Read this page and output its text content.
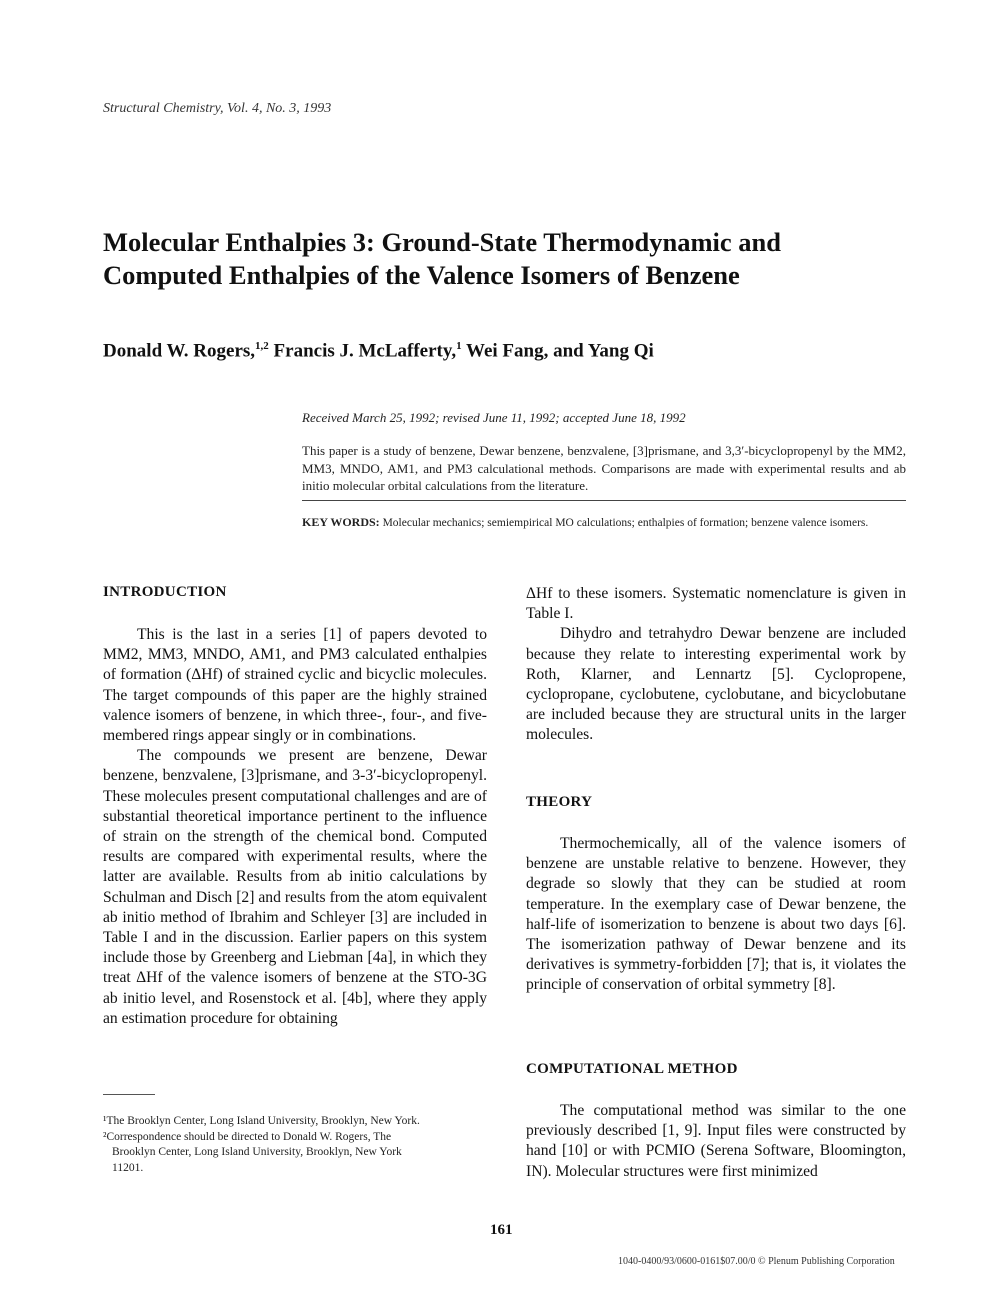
Structural Chemistry, Vol. 4, No. 3, 1993
Molecular Enthalpies 3: Ground-State Thermodynamic and Computed Enthalpies of the Valence Isomers of Benzene
Donald W. Rogers,$^{1,2}$ Francis J. McLafferty,$^1$ Wei Fang, and Yang Qi
Received March 25, 1992; revised June 11, 1992; accepted June 18, 1992
This paper is a study of benzene, Dewar benzene, benzvalene, [3]prismane, and 3,3′-bicyclopropenyl by the MM2, MM3, MNDO, AM1, and PM3 calculational methods. Comparisons are made with experimental results and ab initio molecular orbital calculations from the literature.
KEY WORDS: Molecular mechanics; semiempirical MO calculations; enthalpies of formation; benzene valence isomers.
INTRODUCTION

This is the last in a series [1] of papers devoted to MM2, MM3, MNDO, AM1, and PM3 calculated enthalpies of formation (ΔHf) of strained cyclic and bicyclic molecules. The target compounds of this paper are the highly strained valence isomers of benzene, in which three-, four-, and five-membered rings appear singly or in combinations.

The compounds we present are benzene, Dewar benzene, benzvalene, [3]prismane, and 3-3′-bicyclopropenyl. These molecules present computational challenges and are of substantial theoretical importance pertinent to the influence of strain on the strength of the chemical bond. Computed results are compared with experimental results, where the latter are available. Results from ab initio calculations by Schulman and Disch [2] and results from the atom equivalent ab initio method of Ibrahim and Schleyer [3] are included in Table I and in the discussion. Earlier papers on this system include those by Greenberg and Liebman [4a], in which they treat ΔHf of the valence isomers of benzene at the STO-3G ab initio level, and Rosenstock et al. [4b], where they apply an estimation procedure for obtaining

¹The Brooklyn Center, Long Island University, Brooklyn, New York.
²Correspondence should be directed to Donald W. Rogers, The
Brooklyn Center, Long Island University, Brooklyn, New York
11201.

ΔHf to these isomers. Systematic nomenclature is given in Table I.

Dihydro and tetrahydro Dewar benzene are included because they relate to interesting experimental work by Roth, Klarner, and Lennartz [5]. Cyclopropene, cyclopropane, cyclobutene, cyclobutane, and bicyclobutane are included because they are structural units in the larger molecules.

THEORY

Thermochemically, all of the valence isomers of benzene are unstable relative to benzene. However, they degrade so slowly that they can be studied at room temperature. In the exemplary case of Dewar benzene, the half-life of isomerization to benzene is about two days [6]. The isomerization pathway of Dewar benzene and its derivatives is symmetry-forbidden [7]; that is, it violates the principle of conservation of orbital symmetry [8].

COMPUTATIONAL METHOD

The computational method was similar to the one previously described [1, 9]. Input files were constructed by hand [10] or with PCMIO (Serena Software, Bloomington, IN). Molecular structures were first minimized

161
1040-0400/93/0600-0161$07.00/0 © Plenum Publishing Corporation
